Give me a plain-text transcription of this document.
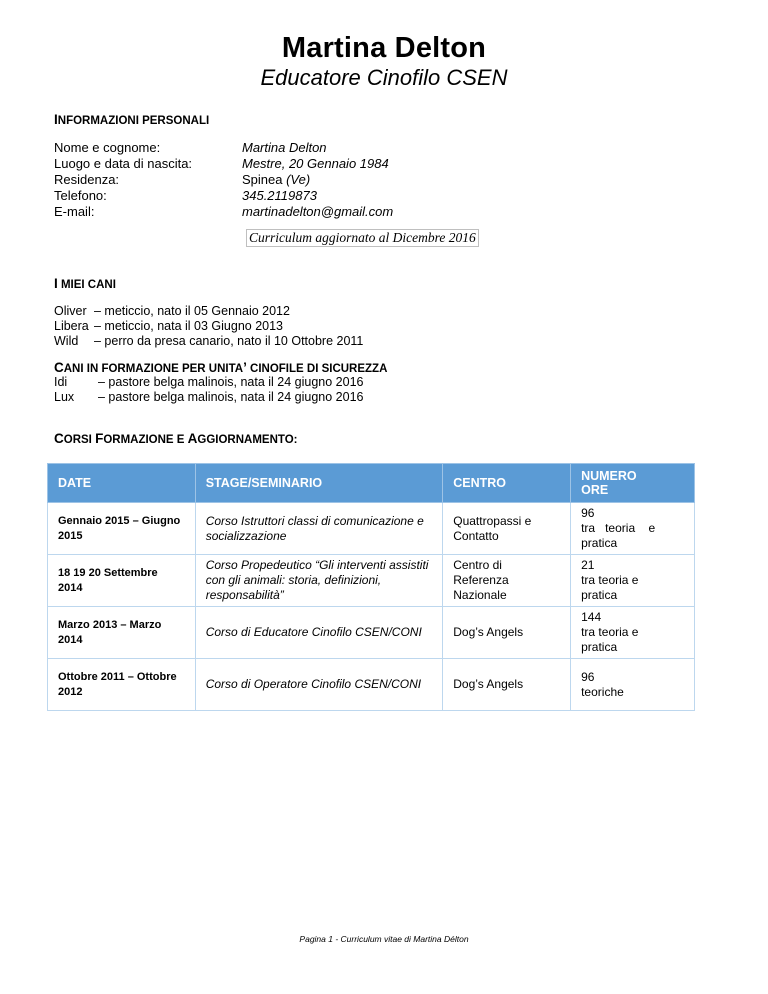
Martina Delton
Educatore Cinofilo CSEN
INFORMAZIONI PERSONALI
Nome e cognome:	Martina Delton
Luogo e data di nascita:	Mestre, 20 Gennaio 1984
Residenza:	Spinea (Ve)
Telefono:	345.2119873
E-mail:	martinadelton@gmail.com
Curriculum aggiornato al Dicembre 2016
I MIEI CANI
Oliver – meticcio, nato il 05 Gennaio 2012
Libera – meticcio, nata il 03 Giugno 2013
Wild – perro da presa canario, nato il 10 Ottobre 2011
CANI IN FORMAZIONE PER UNITA’ CINOFILE DI SICUREZZA
Idi – pastore belga malinois, nata il 24 giugno 2016
Lux – pastore belga malinois, nata il 24 giugno 2016
CORSI FORMAZIONE E AGGIORNAMENTO:
DATE	STAGE/SEMINARIO	CENTRO	NUMERO
ORE
Gennaio 2015 – Giugno 2015	Corso Istruttori classi di comunicazione e socializzazione	Quattropassi e Contatto	96
tra   teoria    e
pratica
18 19 20 Settembre 2014	Corso Propedeutico “Gli interventi assistiti con gli animali: storia, definizioni, responsabilità”	Centro di Referenza Nazionale	21
tra teoria e
pratica
Marzo 2013 – Marzo 2014	Corso di Educatore Cinofilo CSEN/CONI	Dog’s Angels	144
tra teoria e
pratica
Ottobre 2011 – Ottobre 2012	Corso di Operatore Cinofilo CSEN/CONI	Dog’s Angels	96
teoriche
Pagina 1 - Curriculum vitae di Martina Délton
